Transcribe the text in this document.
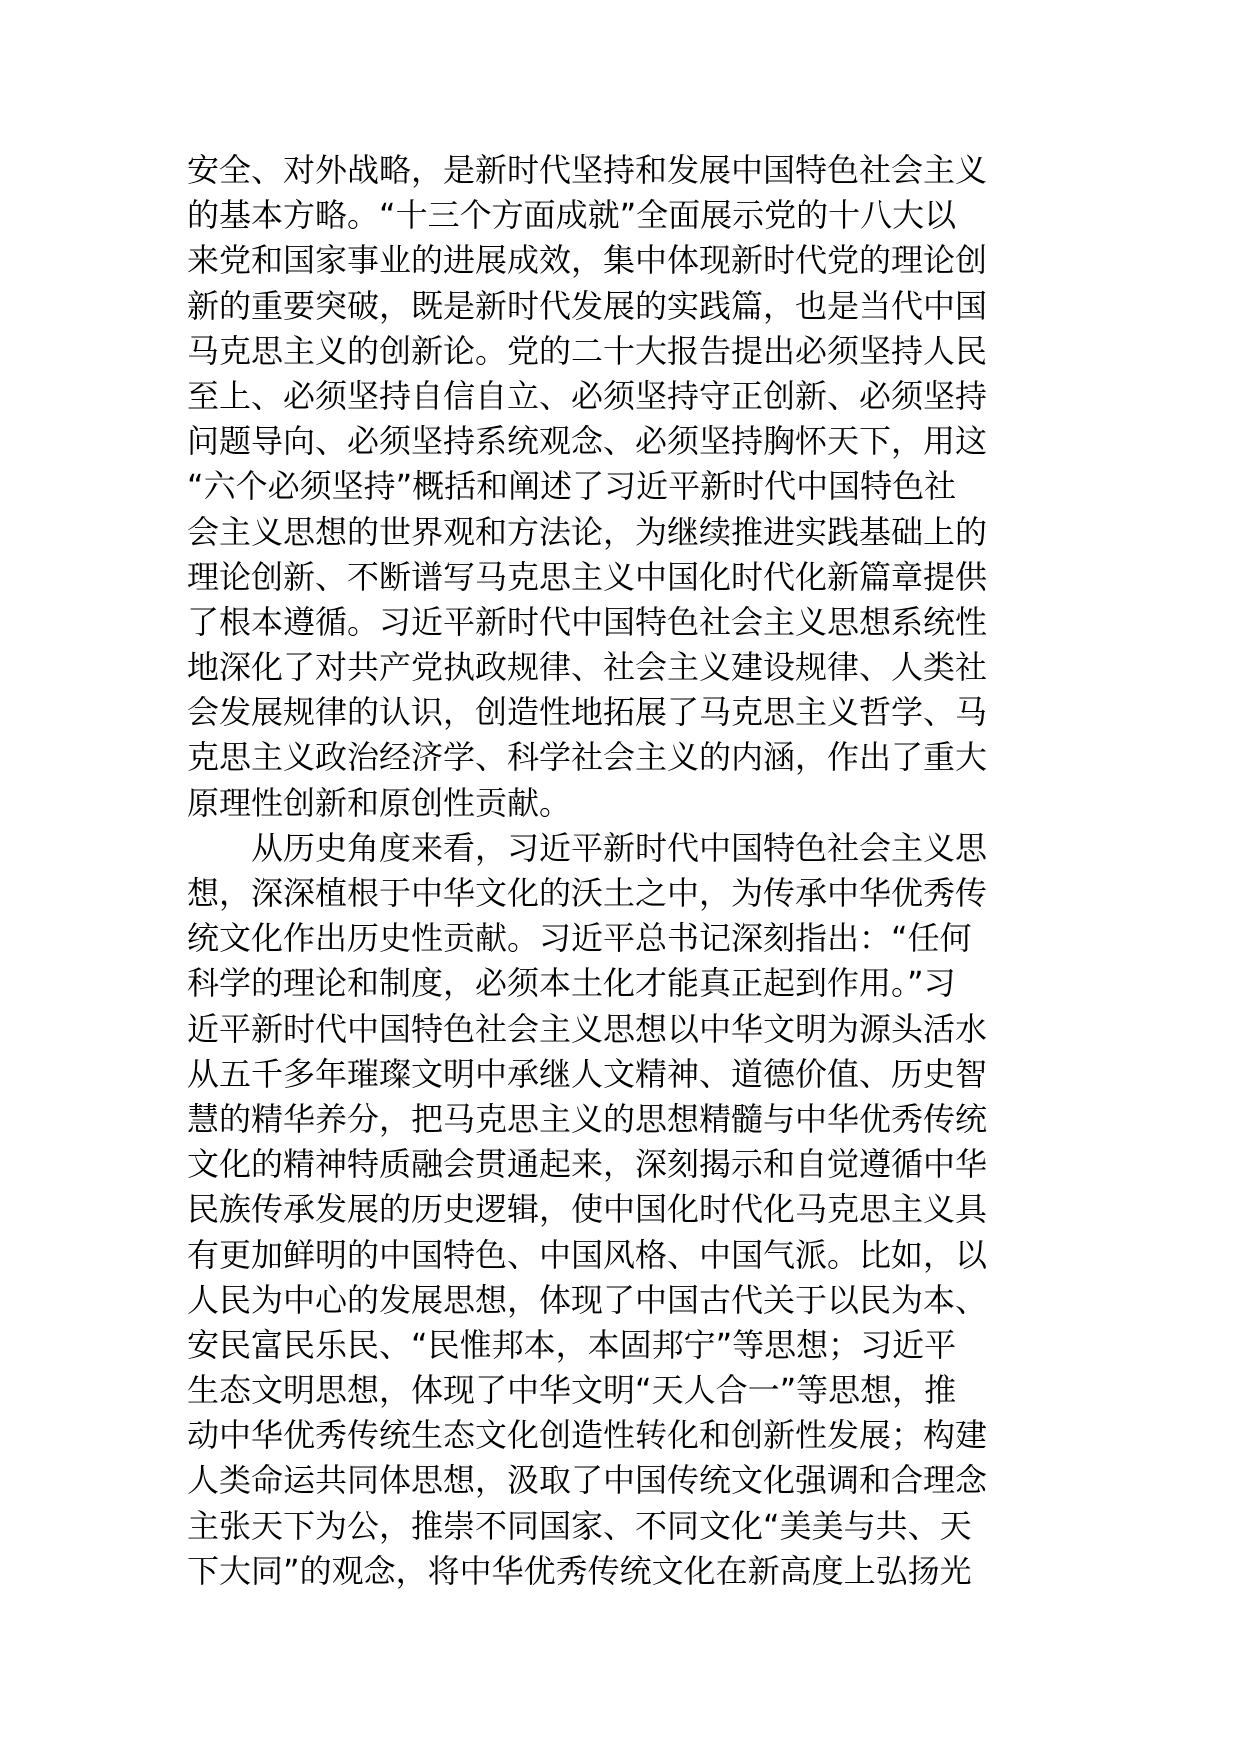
安全、对外战略，是新时代坚持和发展中国特色社会主义
的基本方略。“十三个方面成就”全面展示党的十八大以
来党和国家事业的进展成效，集中体现新时代党的理论创
新的重要突破，既是新时代发展的实践篇，也是当代中国
马克思主义的创新论。党的二十大报告提出必须坚持人民
至上、必须坚持自信自立、必须坚持守正创新、必须坚持
问题导向、必须坚持系统观念、必须坚持胸怀天下，用这
“六个必须坚持”概括和阐述了习近平新时代中国特色社
会主义思想的世界观和方法论，为继续推进实践基础上的
理论创新、不断谱写马克思主义中国化时代化新篇章提供
了根本遵循。习近平新时代中国特色社会主义思想系统性
地深化了对共产党执政规律、社会主义建设规律、人类社
会发展规律的认识，创造性地拓展了马克思主义哲学、马
克思主义政治经济学、科学社会主义的内涵，作出了重大
原理性创新和原创性贡献。
从历史角度来看，习近平新时代中国特色社会主义思
想，深深植根于中华文化的沃土之中，为传承中华优秀传
统文化作出历史性贡献。习近平总书记深刻指出：“任何
科学的理论和制度，必须本土化才能真正起到作用。”习
近平新时代中国特色社会主义思想以中华文明为源头活水
从五千多年璀璨文明中承继人文精神、道德价值、历史智
慧的精华养分，把马克思主义的思想精髓与中华优秀传统
文化的精神特质融会贯通起来，深刻揭示和自觉遵循中华
民族传承发展的历史逻辑，使中国化时代化马克思主义具
有更加鲜明的中国特色、中国风格、中国气派。比如，以
人民为中心的发展思想，体现了中国古代关于以民为本、
安民富民乐民、“民惟邦本，本固邦宁”等思想；习近平
生态文明思想，体现了中华文明“天人合一”等思想，推
动中华优秀传统生态文化创造性转化和创新性发展；构建
人类命运共同体思想，汲取了中国传统文化强调和合理念
主张天下为公，推崇不同国家、不同文化“美美与共、天
下大同”的观念，将中华优秀传统文化在新高度上弘扬光
